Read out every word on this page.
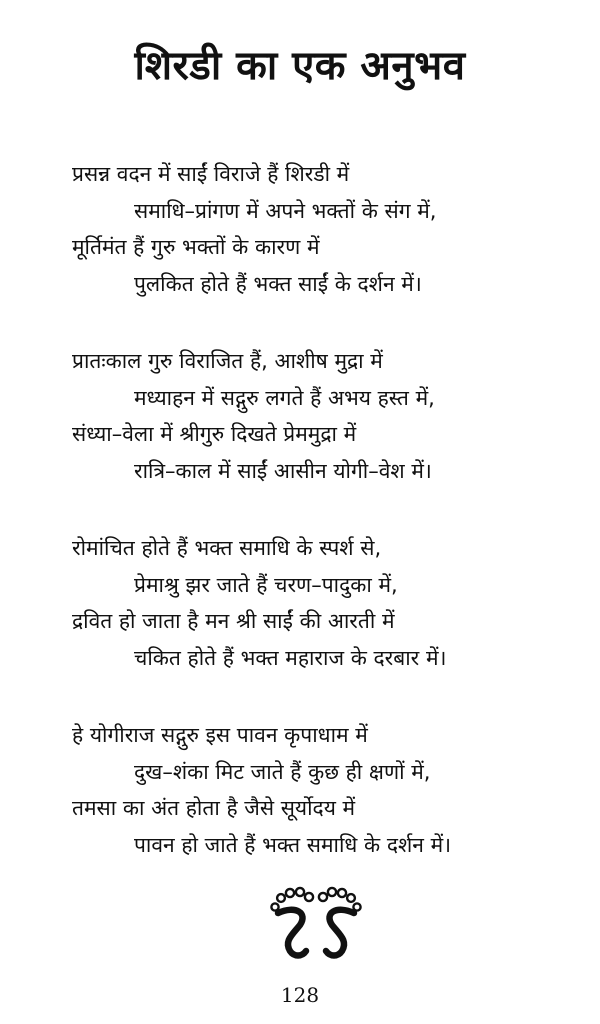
शिरडी का एक अनुभव
प्रसन्न वदन में साईं विराजे हैं शिरडी में
समाधि–प्रांगण में अपने भक्तों के संग में,
मूर्तिमंत हैं गुरु भक्तों के कारण में
पुलकित होते हैं भक्त साईं के दर्शन में।
प्रातःकाल गुरु विराजित हैं, आशीष मुद्रा में
मध्याहन में सद्गुरु लगते हैं अभय हस्त में,
संध्या–वेला में श्रीगुरु दिखते प्रेममुद्रा में
रात्रि–काल में साईं आसीन योगी–वेश में।
रोमांचित होते हैं भक्त समाधि के स्पर्श से,
प्रेमाश्रु झर जाते हैं चरण–पादुका में,
द्रवित हो जाता है मन श्री साईं की आरती में
चकित होते हैं भक्त महाराज के दरबार में।
हे योगीराज सद्गुरु इस पावन कृपाधाम में
दुख–शंका मिट जाते हैं कुछ ही क्षणों में,
तमसा का अंत होता है जैसे सूर्योदय में
पावन हो जाते हैं भक्त समाधि के दर्शन में।
128
